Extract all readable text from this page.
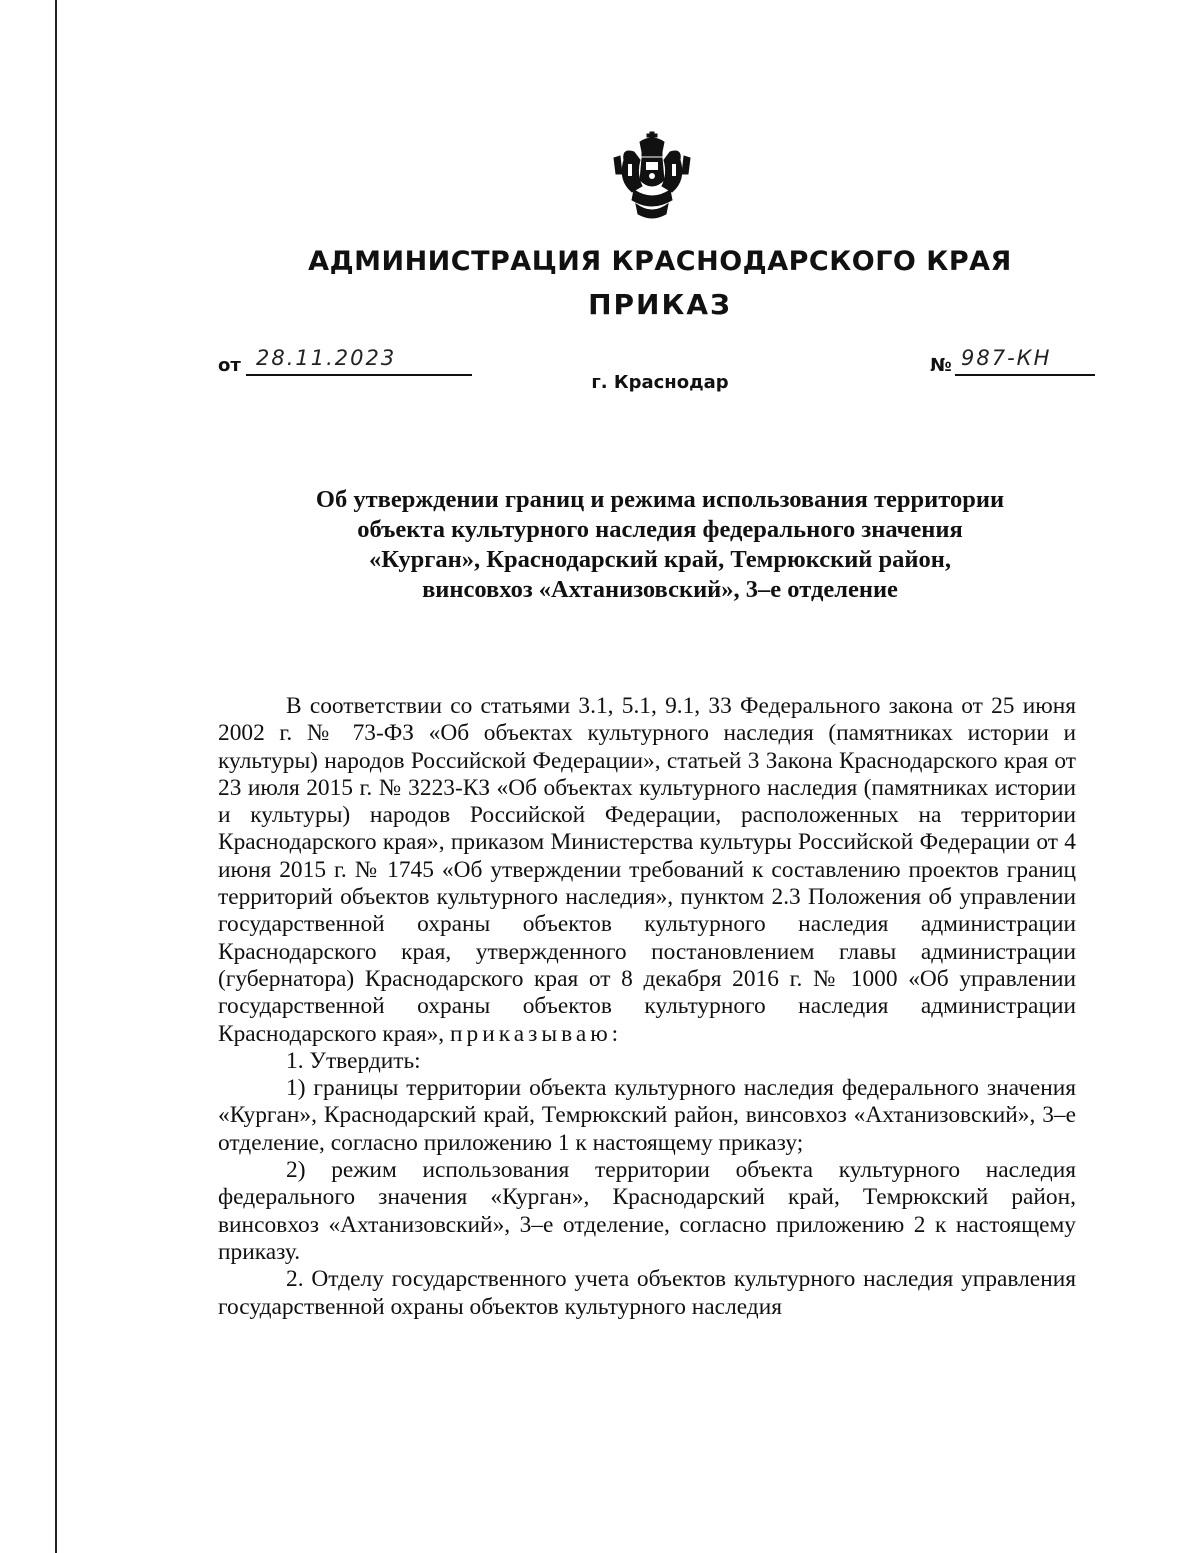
АДМИНИСТРАЦИЯ КРАСНОДАРСКОГО КРАЯ
ПРИКАЗ
от 28.11.2023
г. Краснодар
№ 987-КН
Об утверждении границ и режима использования территории
объекта культурного наследия федерального значения
«Курган», Краснодарский край, Темрюкский район,
винсовхоз «Ахтанизовский», 3–е отделение

В соответствии со статьями 3.1, 5.1, 9.1, 33 Федерального закона от 25 июня 2002 г. № 73-ФЗ «Об объектах культурного наследия (памятниках истории и культуры) народов Российской Федерации», статьей 3 Закона Краснодарского края от 23 июля 2015 г. № 3223-КЗ «Об объектах культурного наследия (памятниках истории и культуры) народов Российской Федерации, расположенных на территории Краснодарского края», приказом Министерства культуры Российской Федерации от 4 июня 2015 г. № 1745 «Об утверждении требований к составлению проектов границ территорий объектов культурного наследия», пунктом 2.3 Положения об управлении государственной охраны объектов культурного наследия администрации Краснодарского края, утвержденного постановлением главы администрации (губернатора) Краснодарского края от 8 декабря 2016 г. № 1000 «Об управлении государственной охраны объектов культурного наследия администрации Краснодарского края», приказываю:

1. Утвердить:

1) границы территории объекта культурного наследия федерального значения «Курган», Краснодарский край, Темрюкский район, винсовхоз «Ахтанизовский», 3–е отделение, согласно приложению 1 к настоящему приказу;

2) режим использования территории объекта культурного наследия федерального значения «Курган», Краснодарский край, Темрюкский район, винсовхоз «Ахтанизовский», 3–е отделение, согласно приложению 2 к настоящему приказу.

2. Отделу государственного учета объектов культурного наследия управления государственной охраны объектов культурного наследия
